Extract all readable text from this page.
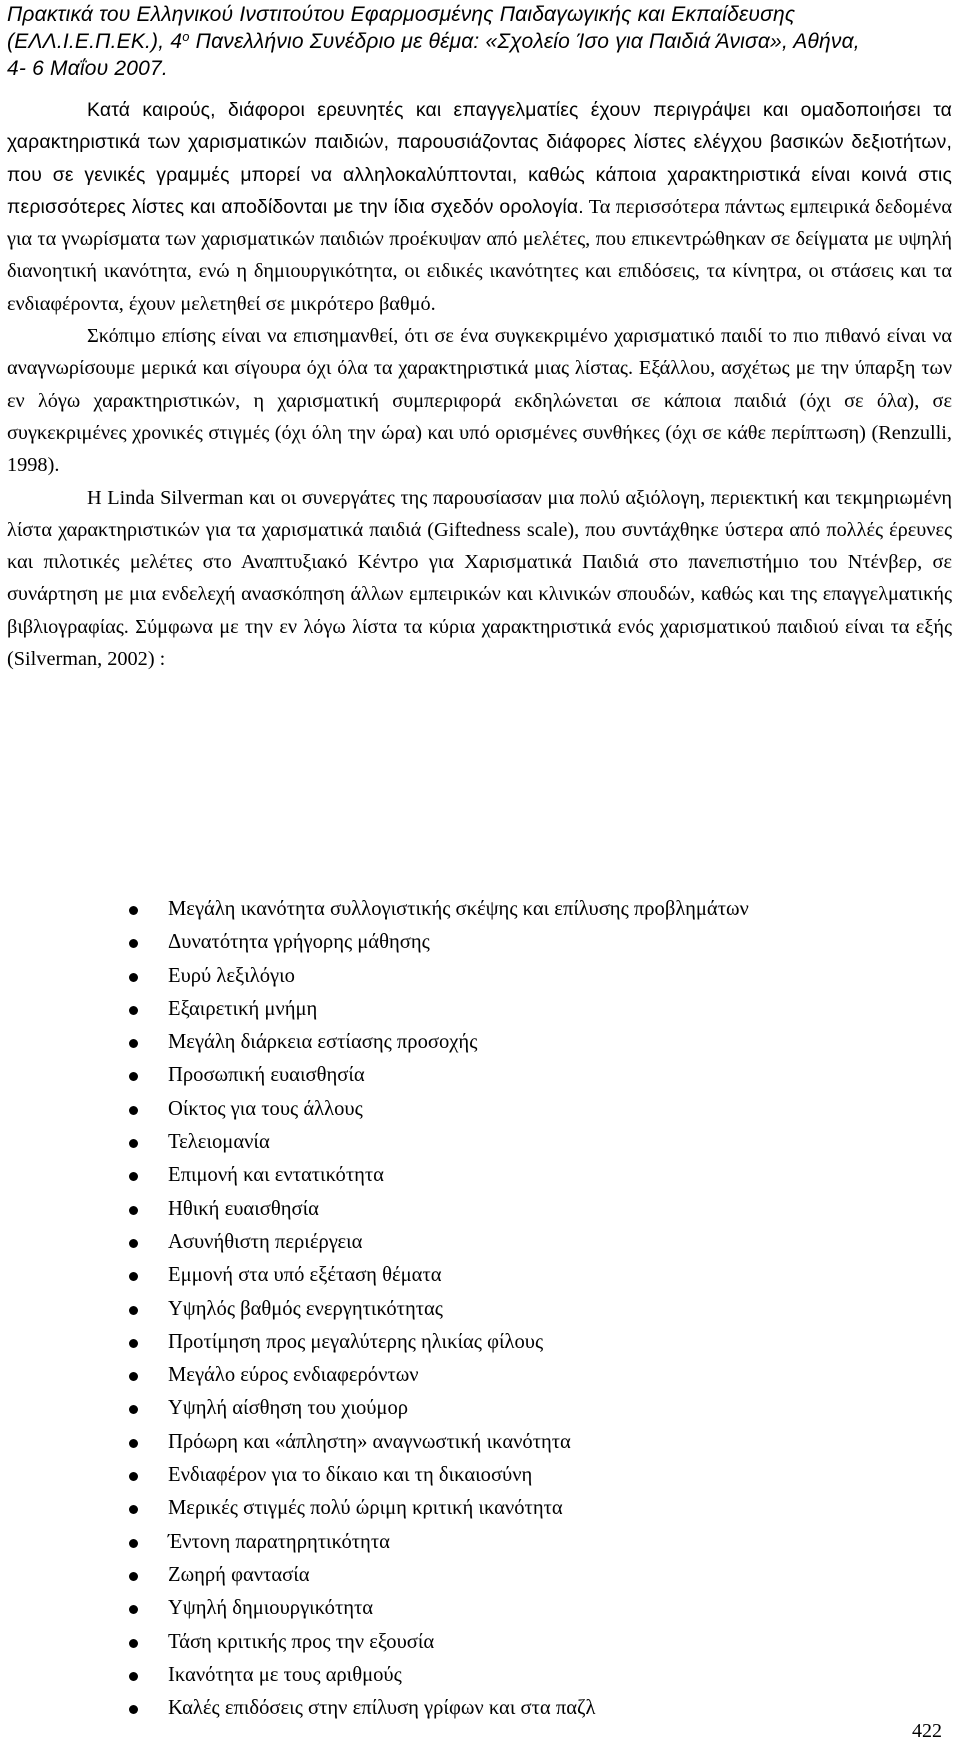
Πρακτικά του Ελληνικού Ινστιτούτου Εφαρμοσμένης Παιδαγωγικής και Εκπαίδευσης
(ΕΛΛ.Ι.Ε.Π.ΕΚ.), $4^o$ Πανελλήνιο Συνέδριο με θέμα: «Σχολείο Ίσο για Παιδιά Άνισα», Αθήνα,
4- 6 Μαΐου 2007.

Κατά καιρούς, διάφοροι ερευνητές και επαγγελματίες έχουν περιγράψει και ομαδοποιήσει τα χαρακτηριστικά των χαρισματικών παιδιών, παρουσιάζοντας διάφορες λίστες ελέγχου βασικών δεξιοτήτων, που σε γενικές γραμμές μπορεί να αλληλοκαλύπτονται, καθώς κάποια χαρακτηριστικά είναι κοινά στις περισσότερες λίστες και αποδίδονται με την ίδια σχεδόν ορολογία. Τα περισσότερα πάντως εμπειρικά δεδομένα για τα γνωρίσματα των χαρισματικών παιδιών προέκυψαν από μελέτες, που επικεντρώθηκαν σε δείγματα με υψηλή διανοητική ικανότητα, ενώ η δημιουργικότητα, οι ειδικές ικανότητες και επιδόσεις, τα κίνητρα, οι στάσεις και τα ενδιαφέροντα, έχουν μελετηθεί σε μικρότερο βαθμό.

Σκόπιμο επίσης είναι να επισημανθεί, ότι σε ένα συγκεκριμένο χαρισματικό παιδί το πιο πιθανό είναι να αναγνωρίσουμε μερικά και σίγουρα όχι όλα τα χαρακτηριστικά μιας λίστας. Εξάλλου, ασχέτως με την ύπαρξη των εν λόγω χαρακτηριστικών, η χαρισματική συμπεριφορά εκδηλώνεται σε κάποια παιδιά (όχι σε όλα), σε συγκεκριμένες χρονικές στιγμές (όχι όλη την ώρα) και υπό ορισμένες συνθήκες (όχι σε κάθε περίπτωση) (Renzulli, 1998).

Η Linda Silverman και οι συνεργάτες της παρουσίασαν μια πολύ αξιόλογη, περιεκτική και τεκμηριωμένη λίστα χαρακτηριστικών για τα χαρισματικά παιδιά (Giftedness scale), που συντάχθηκε ύστερα από πολλές έρευνες και πιλοτικές μελέτες στο Αναπτυξιακό Κέντρο για Χαρισματικά Παιδιά στο πανεπιστήμιο του Ντένβερ, σε συνάρτηση με μια ενδελεχή ανασκόπηση άλλων εμπειρικών και κλινικών σπουδών, καθώς και της επαγγελματικής βιβλιογραφίας. Σύμφωνα με την εν λόγω λίστα τα κύρια χαρακτηριστικά ενός χαρισματικού παιδιού είναι τα εξής (Silverman, 2002) :

Μεγάλη ικανότητα συλλογιστικής σκέψης και επίλυσης προβλημάτων
Δυνατότητα γρήγορης μάθησης
Ευρύ λεξιλόγιο
Εξαιρετική μνήμη
Μεγάλη διάρκεια εστίασης προσοχής
Προσωπική ευαισθησία
Οίκτος για τους άλλους
Τελειομανία
Επιμονή και εντατικότητα
Ηθική ευαισθησία
Ασυνήθιστη περιέργεια
Εμμονή στα υπό εξέταση θέματα
Υψηλός βαθμός ενεργητικότητας
Προτίμηση προς μεγαλύτερης ηλικίας φίλους
Μεγάλο εύρος ενδιαφερόντων
Υψηλή αίσθηση του χιούμορ
Πρόωρη και «άπληστη» αναγνωστική ικανότητα
Ενδιαφέρον για το δίκαιο και τη δικαιοσύνη
Μερικές στιγμές πολύ ώριμη κριτική ικανότητα
Έντονη παρατηρητικότητα
Ζωηρή φαντασία
Υψηλή δημιουργικότητα
Τάση κριτικής προς την εξουσία
Ικανότητα με τους αριθμούς
Καλές επιδόσεις στην επίλυση γρίφων και στα παζλ
422
